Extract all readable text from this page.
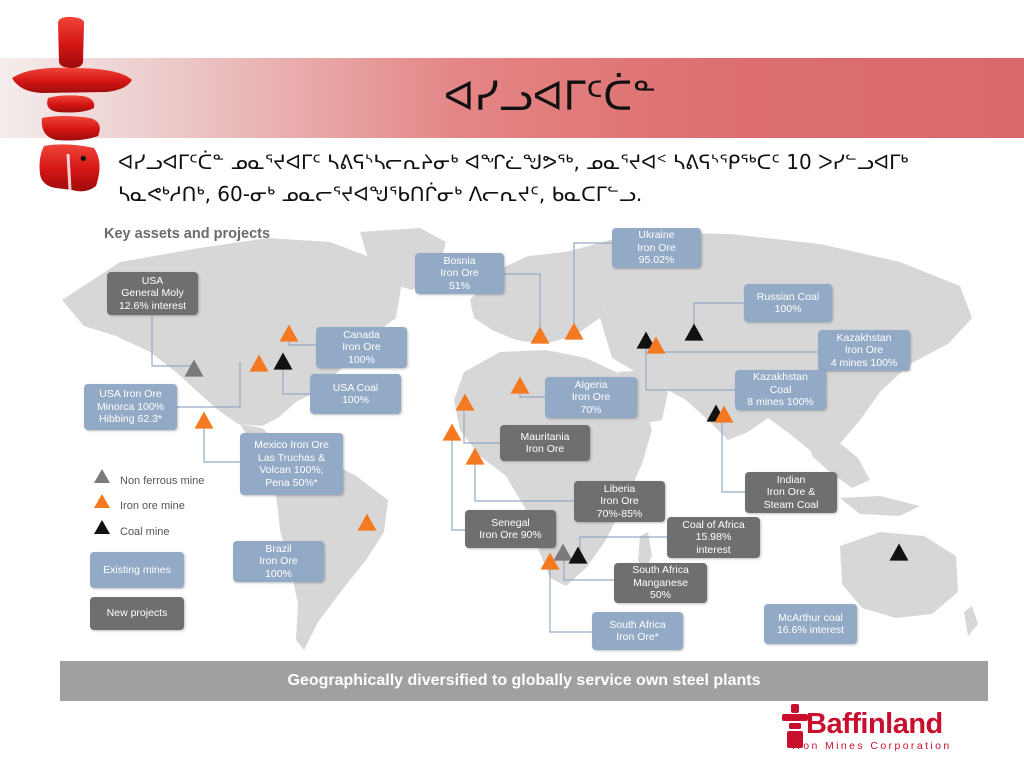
ᐊᓯᓗᐊᒥᑦᑖᓐ
• ᐊᓯᓗᐊᒥᑦᑖᓐ ᓄᓇᕐᔪᐊᒥᑦ ᓴᕕᕋᔅᓴᓕᕆᔨᓂᒃ ᐊᖏᓛᖑᕗᖅ, ᓄᓇᕐᔪᐊᑉ ᓴᕕᕋᔅᕿᖅᑕᑦ 10 ᐳᓯᓪᓗᐊᒥᒃ ᓴᓇᕙᒃᓱᑎᒃ, 60-ᓂᒃ ᓄᓇᓕᕐᔪᐊᖑᖃᑎᒌᓂᒃ ᐱᓕᕆᔪᑦ, ᑲᓇᑕᒥᓪᓗ.
Key assets and projects
USA
General Moly
12.6% interest
Canada
Iron Ore
100%
USA Coal
100%
USA Iron Ore
Minorca 100%
Hibbing 62.3*
Mexico Iron Ore
Las Truchas &
Volcan 100%;
Pena 50%*
Brazil
Iron Ore
100%
Bosnia
Iron Ore
51%
Ukraine
Iron Ore
95.02%
Russian Coal
100%
Kazakhstan
Iron Ore
4 mines 100%
Kazakhstan
Coal
8 mines 100%
Algeria
Iron Ore
70%
Mauritania
Iron Ore
Liberia
Iron Ore
70%-85%
Senegal
Iron Ore 90%
Coal of Africa
15.98%
interest
South Africa
Manganese
50%
South Africa
Iron Ore*
Indian
Iron Ore &
Steam Coal
McArthur coal
16.6% interest
Non ferrous mine
Iron ore mine
Coal mine
Existing mines
New projects
Geographically diversified to globally service own steel plants
Baffinland
Iron Mines Corporation
